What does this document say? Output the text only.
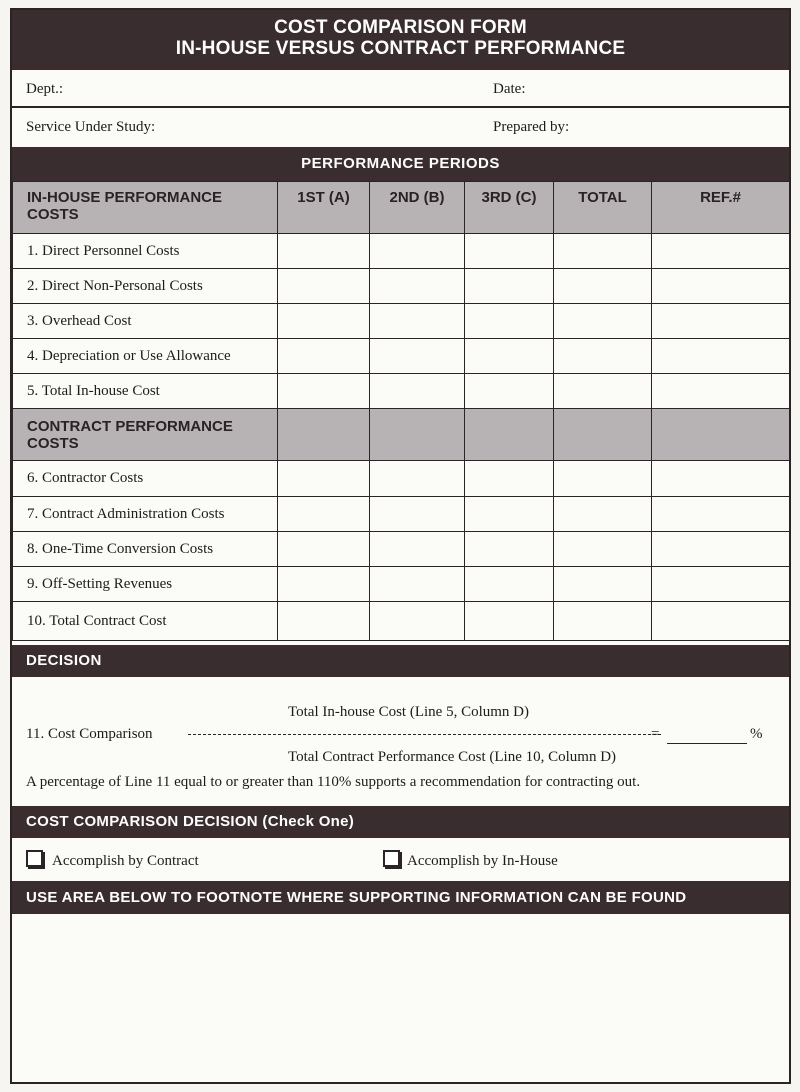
COST COMPARISON FORM
IN-HOUSE VERSUS CONTRACT PERFORMANCE
Dept.:	Date:
Service Under Study:	Prepared by:
PERFORMANCE PERIODS
IN-HOUSE PERFORMANCE
COSTS	1ST (A)	2ND (B)	3RD (C)	TOTAL	REF.#
1. Direct Personnel Costs					
2. Direct Non-Personal Costs					
3. Overhead Cost					
4. Depreciation or Use Allowance					
5. Total In-house Cost					

CONTRACT PERFORMANCE
COSTS					

6. Contractor Costs					
7. Contract Administration Costs					
8. One-Time Conversion Costs					
9. Off-Setting Revenues					
10. Total Contract Cost					
DECISION
Total In-house Cost (Line 5, Column D)
11. Cost Comparison	=	%
Total Contract Performance Cost (Line 10, Column D)
A percentage of Line 11 equal to or greater than 110% supports a recommendation for contracting out.
COST COMPARISON DECISION (Check One)
Accomplish by Contract	Accomplish by In-House
USE AREA BELOW TO FOOTNOTE WHERE SUPPORTING INFORMATION CAN BE FOUND
